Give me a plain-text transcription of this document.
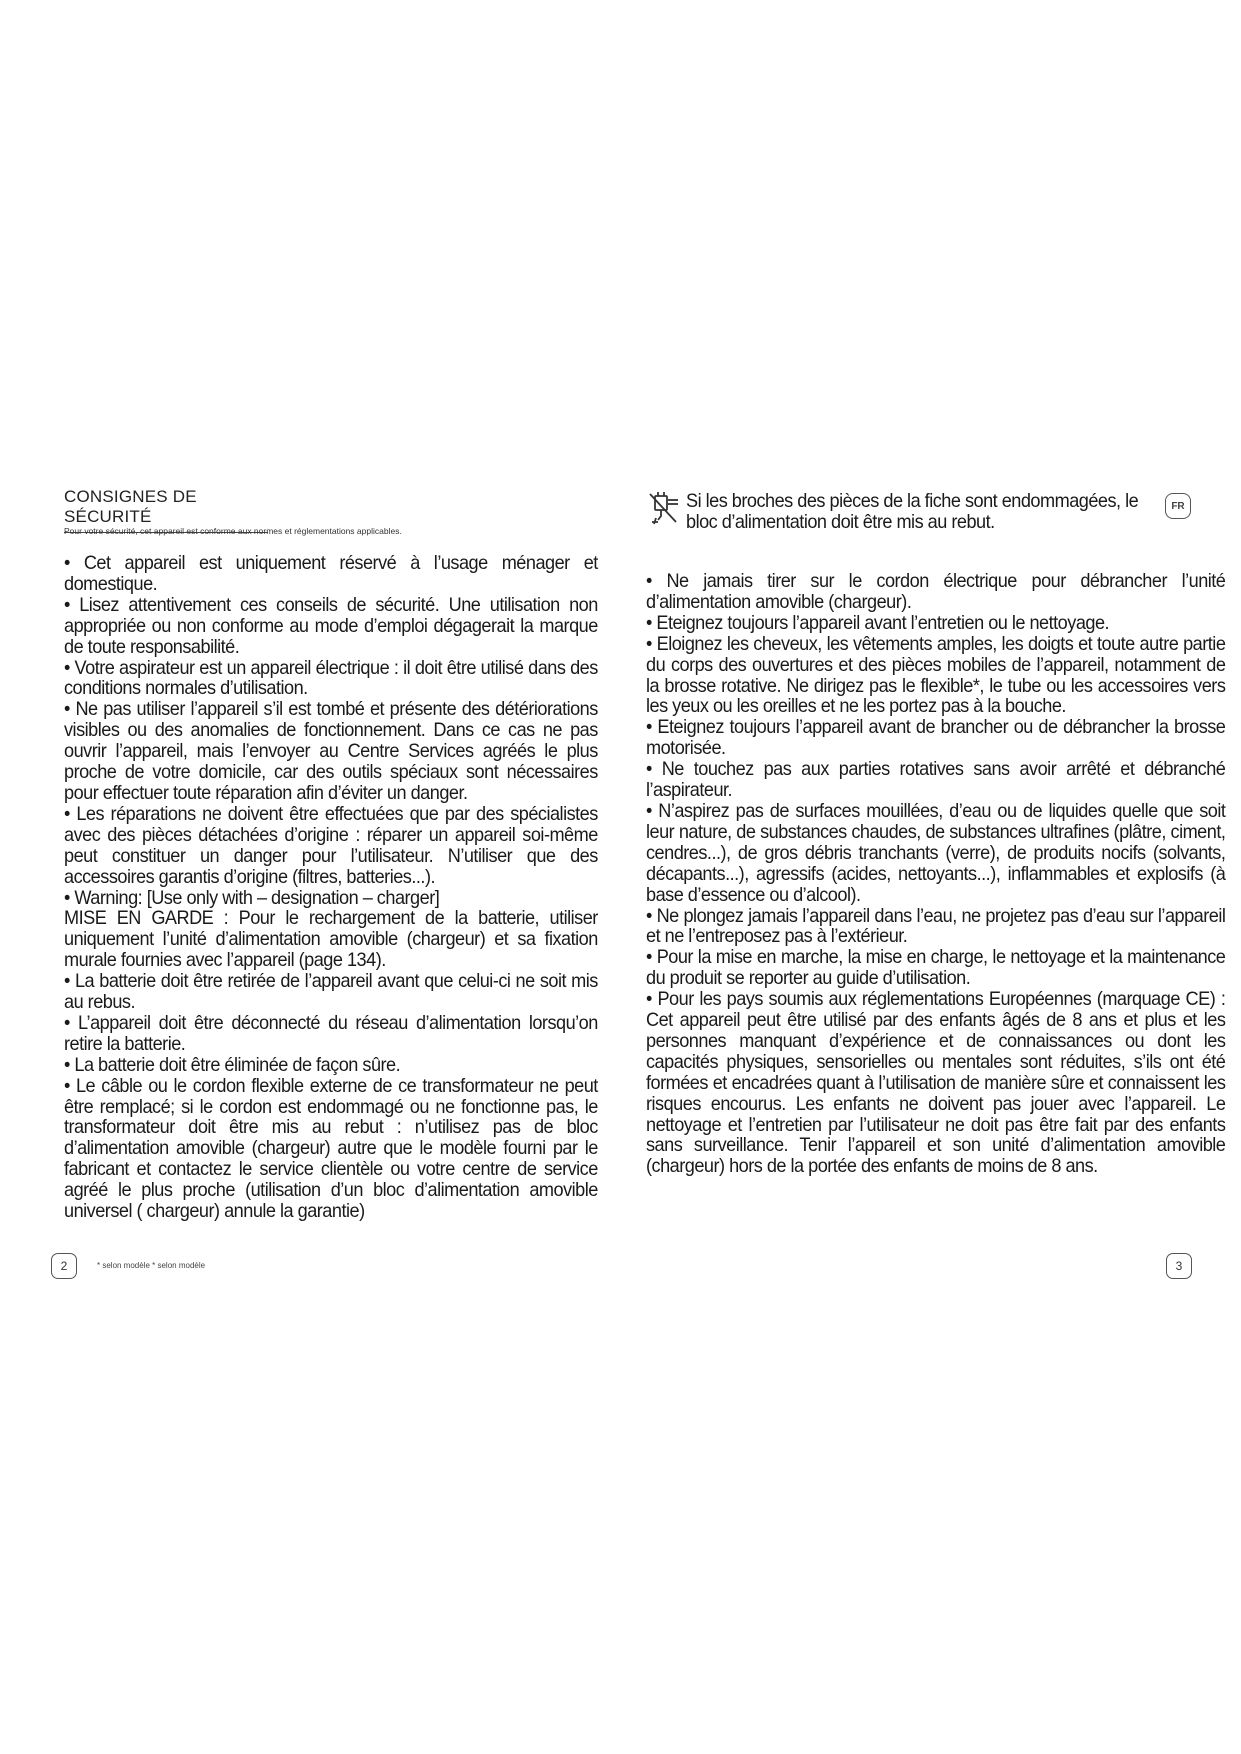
CONSIGNES DE SÉCURITÉ
Pour votre sécurité, cet appareil est conforme aux normes et réglementations applicables.

• Cet appareil est uniquement réservé à l’usage ménager et domestique.

• Lisez attentivement ces conseils de sécurité. Une utilisation non appropriée ou non conforme au mode d’emploi dégagerait la marque de toute responsabilité.

• Votre aspirateur est un appareil électrique : il doit être utilisé dans des conditions normales d’utilisation.

• Ne pas utiliser l’appareil s’il est tombé et présente des détériorations visibles ou des anomalies de fonctionnement. Dans ce cas ne pas ouvrir l’appareil, mais l’envoyer au Centre Services agréés le plus proche de votre domicile, car des outils spéciaux sont nécessaires pour effectuer toute réparation afin d’éviter un danger.

• Les réparations ne doivent être effectuées que par des spécialistes avec des pièces détachées d’origine : réparer un appareil soi-même peut constituer un danger pour l’utilisateur. N’utiliser que des accessoires garantis d’origine (filtres, batteries...).

• Warning: [Use only with – designation – charger]

MISE EN GARDE : Pour le rechargement de la batterie, utiliser uniquement l’unité d’alimentation amovible (chargeur) et sa fixation murale fournies avec l’appareil (page 134).

• La batterie doit être retirée de l’appareil avant que celui-ci ne soit mis au rebus.

• L’appareil doit être déconnecté du réseau d’alimentation lorsqu’on retire la batterie.

• La batterie doit être éliminée de façon sûre.

• Le câble ou le cordon flexible externe de ce transformateur ne peut être remplacé; si le cordon est endommagé ou ne fonctionne pas, le transformateur doit être mis au rebut : n’utilisez pas de bloc d’alimentation amovible (chargeur) autre que le modèle fourni par le fabricant et contactez le service clientèle ou votre centre de service agréé le plus proche (utilisation d’un bloc d’alimentation amovible universel ( chargeur) annule la garantie)

Si les broches des pièces de la fiche sont endommagées, le bloc d’alimentation doit être mis au rebut.
FR

• Ne jamais tirer sur le cordon électrique pour débrancher l’unité d’alimentation amovible (chargeur).

• Eteignez toujours l’appareil avant l’entretien ou le nettoyage.

• Eloignez les cheveux, les vêtements amples, les doigts et toute autre partie du corps des ouvertures et des pièces mobiles de l’appareil, notamment de la brosse rotative. Ne dirigez pas le flexible*, le tube ou les accessoires vers les yeux ou les oreilles et ne les portez pas à la bouche.

• Eteignez toujours l’appareil avant de brancher ou de débrancher la brosse motorisée.

• Ne touchez pas aux parties rotatives sans avoir arrêté et débranché l’aspirateur.

• N’aspirez pas de surfaces mouillées, d’eau ou de liquides quelle que soit leur nature, de substances chaudes, de substances ultrafines (plâtre, ciment, cendres...), de gros débris tranchants (verre), de produits nocifs (solvants, décapants...), agressifs (acides, nettoyants...), inflammables et explosifs (à base d’essence ou d’alcool).

• Ne plongez jamais l’appareil dans l’eau, ne projetez pas d’eau sur l’appareil et ne l’entreposez pas à l’extérieur.

• Pour la mise en marche, la mise en charge, le nettoyage et la maintenance du produit se reporter au guide d’utilisation.

• Pour les pays soumis aux réglementations Européennes (marquage CE) : Cet appareil peut être utilisé par des enfants âgés de 8 ans et plus et les personnes manquant d’expérience et de connaissances ou dont les capacités physiques, sensorielles ou mentales sont réduites, s’ils ont été formées et encadrées quant à l’utilisation de manière sûre et connaissent les risques encourus. Les enfants ne doivent pas jouer avec l’appareil. Le nettoyage et l’entretien par l’utilisateur ne doit pas être fait par des enfants sans surveillance. Tenir l’appareil et son unité d’alimentation amovible (chargeur) hors de la portée des enfants de moins de 8 ans.

2	* selon modèle * selon modèle	3
